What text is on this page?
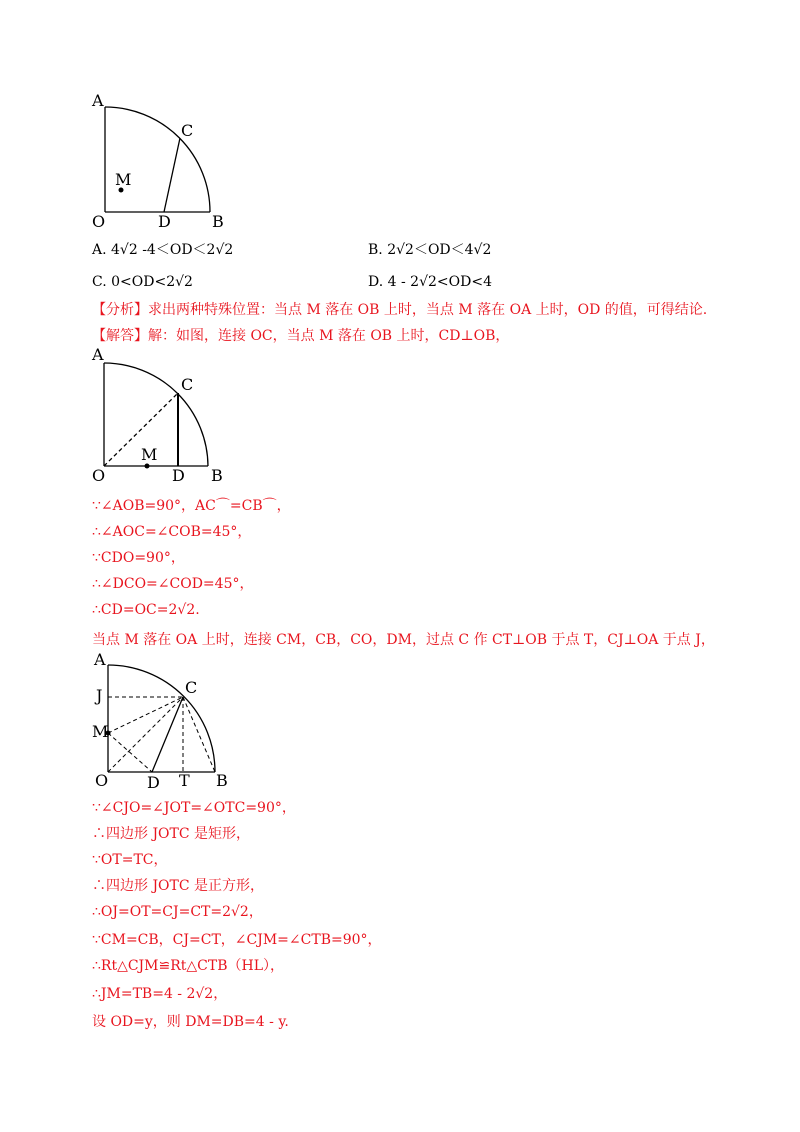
A
C
M
O	D	B
A. 4√2 -4＜OD＜2√2	B. 2√2＜OD＜4√2
C. 0<OD<2√2	D. 4 - 2√2<OD<4
【分析】求出两种特殊位置：当点 M 落在 OB 上时，当点 M 落在 OA 上时，OD 的值，可得结论.
【解答】解：如图，连接 OC，当点 M 落在 OB 上时，CD⊥OB，
A
C
M
O	D B
∵∠AOB=90°，AC⌒=CB⌒，
∴∠AOC=∠COB=45°，
∵CDO=90°，
∴∠DCO=∠COD=45°，
∴CD=OC=2√2.
当点 M 落在 OA 上时，连接 CM，CB，CO，DM，过点 C 作 CT⊥OB 于点 T，CJ⊥OA 于点 J，
A
J	C
M
O D T B
∵∠CJO=∠JOT=∠OTC=90°，
∴四边形 JOTC 是矩形，
∵OT=TC，
∴四边形 JOTC 是正方形，
∴OJ=OT=CJ=CT=2√2，
∵CM=CB，CJ=CT，∠CJM=∠CTB=90°，
∴Rt△CJM≌Rt△CTB（HL），
∴JM=TB=4 - 2√2，
设 OD=y，则 DM=DB=4 - y.
